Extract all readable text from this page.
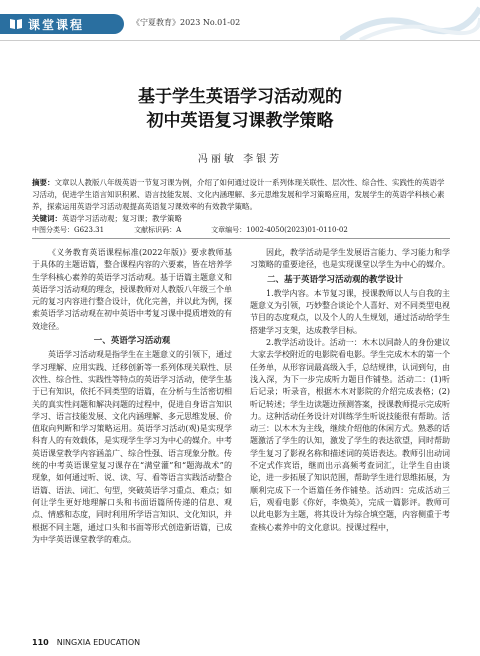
课堂课程	《宁夏教育》2023 No.01-02
基于学生英语学习活动观的
初中英语复习课教学策略
冯丽敏 李银芳
摘要：文章以人教版八年级英语一节复习课为例，介绍了如何通过设计一系列体现关联性、层次性、综合性、实践性的英语学习活动，促进学生语言知识积累、语言技能发展、文化内涵理解、多元思维发展和学习策略应用，发展学生的英语学科核心素养，探索运用英语学习活动观提高英语复习课效率的有效教学策略。
关键词：英语学习活动观；复习课；教学策略
中图分类号：G623.31	文献标识码：A	文章编号：1002-4050(2023)01-0110-02

《义务教育英语课程标准(2022年版)》要求教师基于具体的主题语篇，整合课程内容的六要素，皆在培养学生学科核心素养的英语学习活动观。基于语篇主题意义和英语学习活动观的理念，授课教师对人教版八年级三个单元的复习内容进行整合设计，优化完善，并以此为例，探索英语学习活动观在初中英语中考复习课中提质增效的有效途径。

一、英语学习活动观

英语学习活动观是指学生在主题意义的引领下，通过学习理解、应用实践、迁移创新等一系列体现关联性、层次性、综合性、实践性等特点的英语学习活动，使学生基于已有知识，依托不同类型的语篇，在分析与生活密切相关的真实性问题和解决问题的过程中，促进自身语言知识学习、语言技能发展、文化内涵理解、多元思维发展、价值取向判断和学习策略运用。英语学习活动(观)是实现学科育人的有效载体，是实现学生学习为中心的媒介。中考英语课堂教学内容涵盖广、综合性强、语言现象分散。传统的中考英语课堂复习课存在“满堂灌”和“题海战术”的现象，如何通过听、说、读、写、看等语言实践活动整合语篇、语法、词汇、句型，突破英语学习重点、难点；如何让学生更好地理解口头和书面语篇所传递的信息、观点、情感和态度，同时利用所学语言知识、文化知识，并根据不同主题，通过口头和书面等形式创造新语篇，已成为中学英语课堂教学的难点。

因此，教学活动是学生发展语言能力、学习能力和学习策略的重要途径，也是实现课堂以学生为中心的媒介。

二、基于英语学习活动观的教学设计

1.教学内容。本节复习课，授课教师以人与自我的主题意义为引领，巧妙整合谈论个人喜好、对不同类型电视节目的态度观点，以及个人的人生规划，通过活动给学生搭建学习支架，达成教学目标。

2.教学活动设计。活动一：木木以同龄人的身份建议大家去学校附近的电影院看电影。学生完成木木的第一个任务单，从形容词最高级入手，总结规律，认词到句，由浅入深，为下一步完成听力题目作铺垫。活动二：(1)听后记录；听录音，根据木木对影院的介绍完成表格；(2)听记转述；学生边读题边预测答案，授课教师提示完成听力。这种活动任务设计对训练学生听说技能很有帮助。活动三：以木木为主线，继续介绍他的休闲方式。熟悉的话题激活了学生的认知，激发了学生的表达欲望，同时帮助学生复习了影视名称和描述词的英语表达。教师引出动词不定式作宾语，继而出示高频考查词汇，让学生自由谈论，进一步拓展了知识范围，帮助学生进行思维拓展，为顺利完成下一个语篇任务作铺垫。活动四：完成活动三后，观看电影《你好，李焕英》，完成一篇影评。教师可以此电影为主题，将其设计为综合填空题，内容侧重于考查核心素养中的文化意识。授课过程中，

110 NINGXIA EDUCATION
